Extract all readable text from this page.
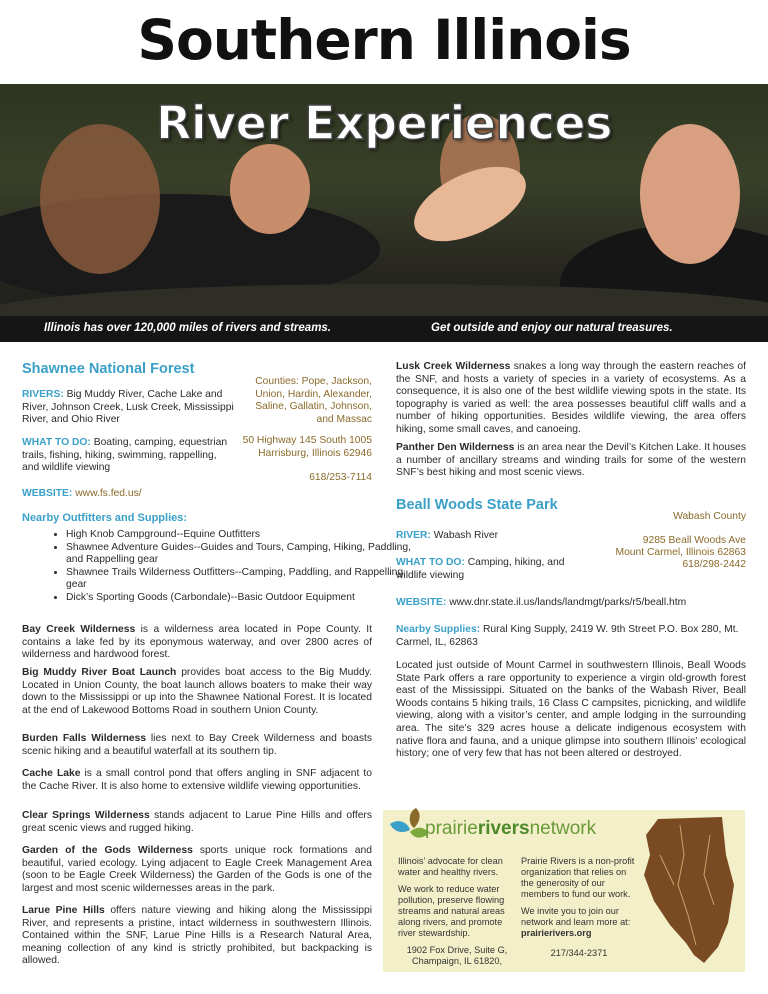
Southern Illinois
River Experiences
Illinois has over 120,000 miles of rivers and streams.	Get outside and enjoy our natural treasures.
Shawnee National Forest
RIVERS: Big Muddy River, Cache Lake and River, Johnson Creek, Lusk Creek, Mississippi River, and Ohio River
WHAT TO DO: Boating, camping, equestrian trails, fishing, hiking, swimming, rappelling, and wildlife viewing
Counties: Pope, Jackson, Union, Hardin, Alexander, Saline, Gallatin, Johnson, and Massac
50 Highway 145 South 1005
Harrisburg, Illinois 62946
618/253-7114
WEBSITE: www.fs.fed.us/
Nearby Outfitters and Supplies:
• High Knob Campground--Equine Outfitters
• Shawnee Adventure Guides--Guides and Tours, Camping, Hiking, Paddling, and Rappelling gear
• Shawnee Trails Wilderness Outfitters--Camping, Paddling, and Rappelling gear
• Dick’s Sporting Goods (Carbondale)--Basic Outdoor Equipment
Bay Creek Wilderness is a wilderness area located in Pope County. It contains a lake fed by its eponymous waterway, and over 2800 acres of wilderness and hardwood forest.
Big Muddy River Boat Launch provides boat access to the Big Muddy. Located in Union County, the boat launch allows boaters to make their way down to the Mississippi or up into the Shawnee National Forest. It is located at the end of Lakewood Bottoms Road in southern Union County.
Burden Falls Wilderness lies next to Bay Creek Wilderness and boasts scenic hiking and a beautiful waterfall at its southern tip.
Cache Lake is a small control pond that offers angling in SNF adjacent to the Cache River. It is also home to extensive wildlife viewing opportunities.
Clear Springs Wilderness stands adjacent to Larue Pine Hills and offers great scenic views and rugged hiking.
Garden of the Gods Wilderness sports unique rock formations and beautiful, varied ecology. Lying adjacent to Eagle Creek Management Area (soon to be Eagle Creek Wilderness) the Garden of the Gods is one of the largest and most scenic wildernesses areas in the park.
Larue Pine Hills offers nature viewing and hiking along the Mississippi River, and represents a pristine, intact wilderness in southwestern Illinois. Contained within the SNF, Larue Pine Hills is a Research Natural Area, meaning collection of any kind is strictly prohibited, but backpacking is allowed.
Lusk Creek Wilderness snakes a long way through the eastern reaches of the SNF, and hosts a variety of species in a variety of ecosystems. As a consequence, it is also one of the best wildlife viewing spots in the state. Its topography is varied as well: the area possesses beautiful cliff walls and a number of hiking opportunities. Besides wildlife viewing, the area offers hiking, some small caves, and canoeing.
Panther Den Wilderness is an area near the Devil’s Kitchen Lake. It houses a number of ancillary streams and winding trails for some of the western SNF’s best hiking and most scenic views.
Beall Woods State Park
Wabash County
RIVER: Wabash River
WHAT TO DO: Camping, hiking, and wildlife viewing
9285 Beall Woods Ave
Mount Carmel, Illinois 62863
618/298-2442
WEBSITE: www.dnr.state.il.us/lands/landmgt/parks/r5/beall.htm
Nearby Supplies: Rural King Supply, 2419 W. 9th Street P.O. Box 280, Mt. Carmel, IL, 62863
Located just outside of Mount Carmel in southwestern Illinois, Beall Woods State Park offers a rare opportunity to experience a virgin old-growth forest east of the Mississippi. Situated on the banks of the Wabash River, Beall Woods contains 5 hiking trails, 16 Class C campsites, picnicking, and wildlife viewing, along with a visitor’s center, and ample lodging in the surrounding area. The site’s 329 acres house a delicate indigenous ecosystem with native flora and fauna, and a unique glimpse into southern Illinois’ ecological history; one of very few that has not been altered or destroyed.
prairieriversnetwork
Illinois’ advocate for clean water and healthy rivers.
We work to reduce water pollution, preserve flowing streams and natural areas along rivers, and promote river stewardship.
1902 Fox Drive, Suite G,
Champaign, IL 61820,
Prairie Rivers is a non-profit organization that relies on the generosity of our members to fund our work.
We invite you to join our network and learn more at:
prairierivers.org
217/344-2371
